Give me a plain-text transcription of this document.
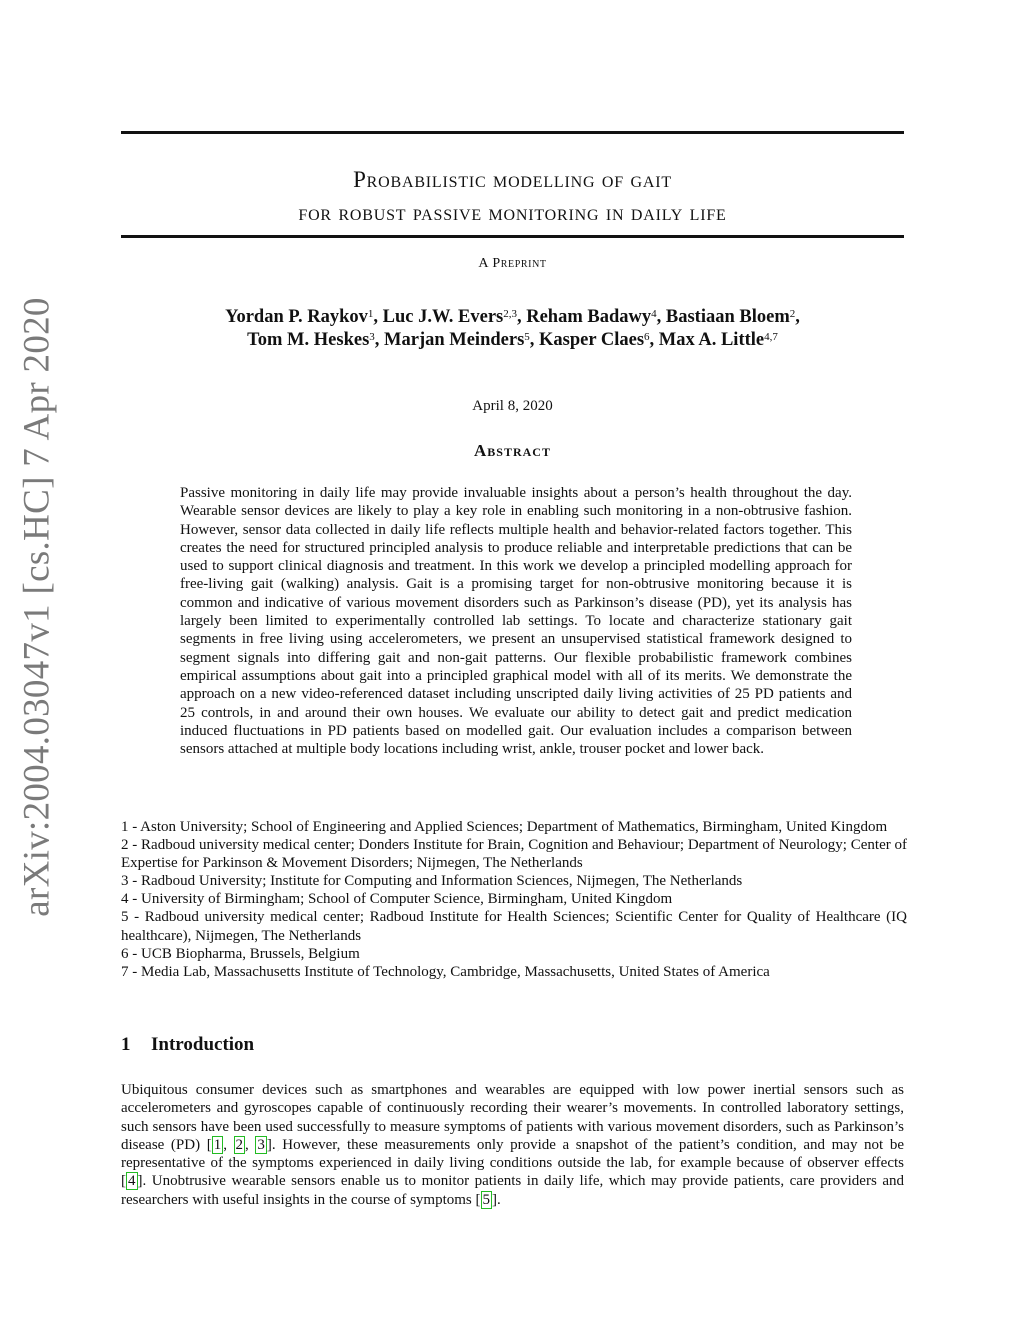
arXiv:2004.03047v1 [cs.HC] 7 Apr 2020
Probabilistic modelling of gait
for robust passive monitoring in daily life
A Preprint
Yordan P. Raykov$^1$, Luc J.W. Evers$^{2,3}$, Reham Badawy$^4$, Bastiaan Bloem$^2$,
Tom M. Heskes$^3$, Marjan Meinders$^5$, Kasper Claes$^6$, Max A. Little$^{4,7}$
April 8, 2020
Abstract
Passive monitoring in daily life may provide invaluable insights about a person’s health throughout the day. Wearable sensor devices are likely to play a key role in enabling such monitoring in a non-obtrusive fashion. However, sensor data collected in daily life reflects multiple health and behavior-related factors together. This creates the need for structured principled analysis to produce reliable and interpretable predictions that can be used to support clinical diagnosis and treatment. In this work we develop a principled modelling approach for free-living gait (walking) analysis. Gait is a promising target for non-obtrusive monitoring because it is common and indicative of various movement disorders such as Parkinson’s disease (PD), yet its analysis has largely been limited to experimentally controlled lab settings. To locate and characterize stationary gait segments in free living using accelerometers, we present an unsupervised statistical framework designed to segment signals into differing gait and non-gait patterns. Our flexible probabilistic framework combines empirical assumptions about gait into a principled graphical model with all of its merits. We demonstrate the approach on a new video-referenced dataset including unscripted daily living activities of 25 PD patients and 25 controls, in and around their own houses. We evaluate our ability to detect gait and predict medication induced fluctuations in PD patients based on modelled gait. Our evaluation includes a comparison between sensors attached at multiple body locations including wrist, ankle, trouser pocket and lower back.
1 - Aston University; School of Engineering and Applied Sciences; Department of Mathematics, Birmingham, United Kingdom
2 - Radboud university medical center; Donders Institute for Brain, Cognition and Behaviour; Department of Neurology; Center of Expertise for Parkinson & Movement Disorders; Nijmegen, The Netherlands
3 - Radboud University; Institute for Computing and Information Sciences, Nijmegen, The Netherlands
4 - University of Birmingham; School of Computer Science, Birmingham, United Kingdom
5 - Radboud university medical center; Radboud Institute for Health Sciences; Scientific Center for Quality of Healthcare (IQ healthcare), Nijmegen, The Netherlands
6 - UCB Biopharma, Brussels, Belgium
7 - Media Lab, Massachusetts Institute of Technology, Cambridge, Massachusetts, United States of America
1 Introduction
Ubiquitous consumer devices such as smartphones and wearables are equipped with low power inertial sensors such as accelerometers and gyroscopes capable of continuously recording their wearer’s movements. In controlled laboratory settings, such sensors have been used successfully to measure symptoms of patients with various movement disorders, such as Parkinson’s disease (PD) [ 1 , 2 , 3 ]. However, these measurements only provide a snapshot of the patient’s condition, and may not be representative of the symptoms experienced in daily living conditions outside the lab, for example because of observer effects [ 4 ]. Unobtrusive wearable sensors enable us to monitor patients in daily life, which may provide patients, care providers and researchers with useful insights in the course of symptoms [ 5 ].
